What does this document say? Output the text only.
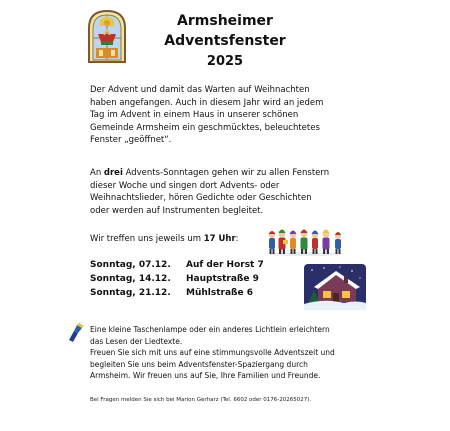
Armsheimer
Adventsfenster
2025
Der Advent und damit das Warten auf Weihnachten
haben angefangen. Auch in diesem Jahr wird an jedem
Tag im Advent in einem Haus in unserer schönen
Gemeinde Armsheim ein geschmücktes, beleuchtetes
Fenster „geöffnet“.
An drei Advents-Sonntagen gehen wir zu allen Fenstern
dieser Woche und singen dort Advents- oder
Weihnachtslieder, hören Gedichte oder Geschichten
oder werden auf Instrumenten begleitet.
Wir treffen uns jeweils um 17 Uhr:
Sonntag, 07.12.	Auf der Horst 7
Sonntag, 14.12.	Hauptstraße 9
Sonntag, 21.12.	Mühlstraße 6
Eine kleine Taschenlampe oder ein anderes Lichtlein erleichtern
das Lesen der Liedtexte.
Freuen Sie sich mit uns auf eine stimmungsvolle Adventszeit und
begleiten Sie uns beim Adventsfenster-Spaziergang durch
Armsheim. Wir freuen uns auf Sie, Ihre Familien und Freunde.
Bei Fragen melden Sie sich bei Marion Gerharz (Tel. 6602 oder 0176-20265027).
